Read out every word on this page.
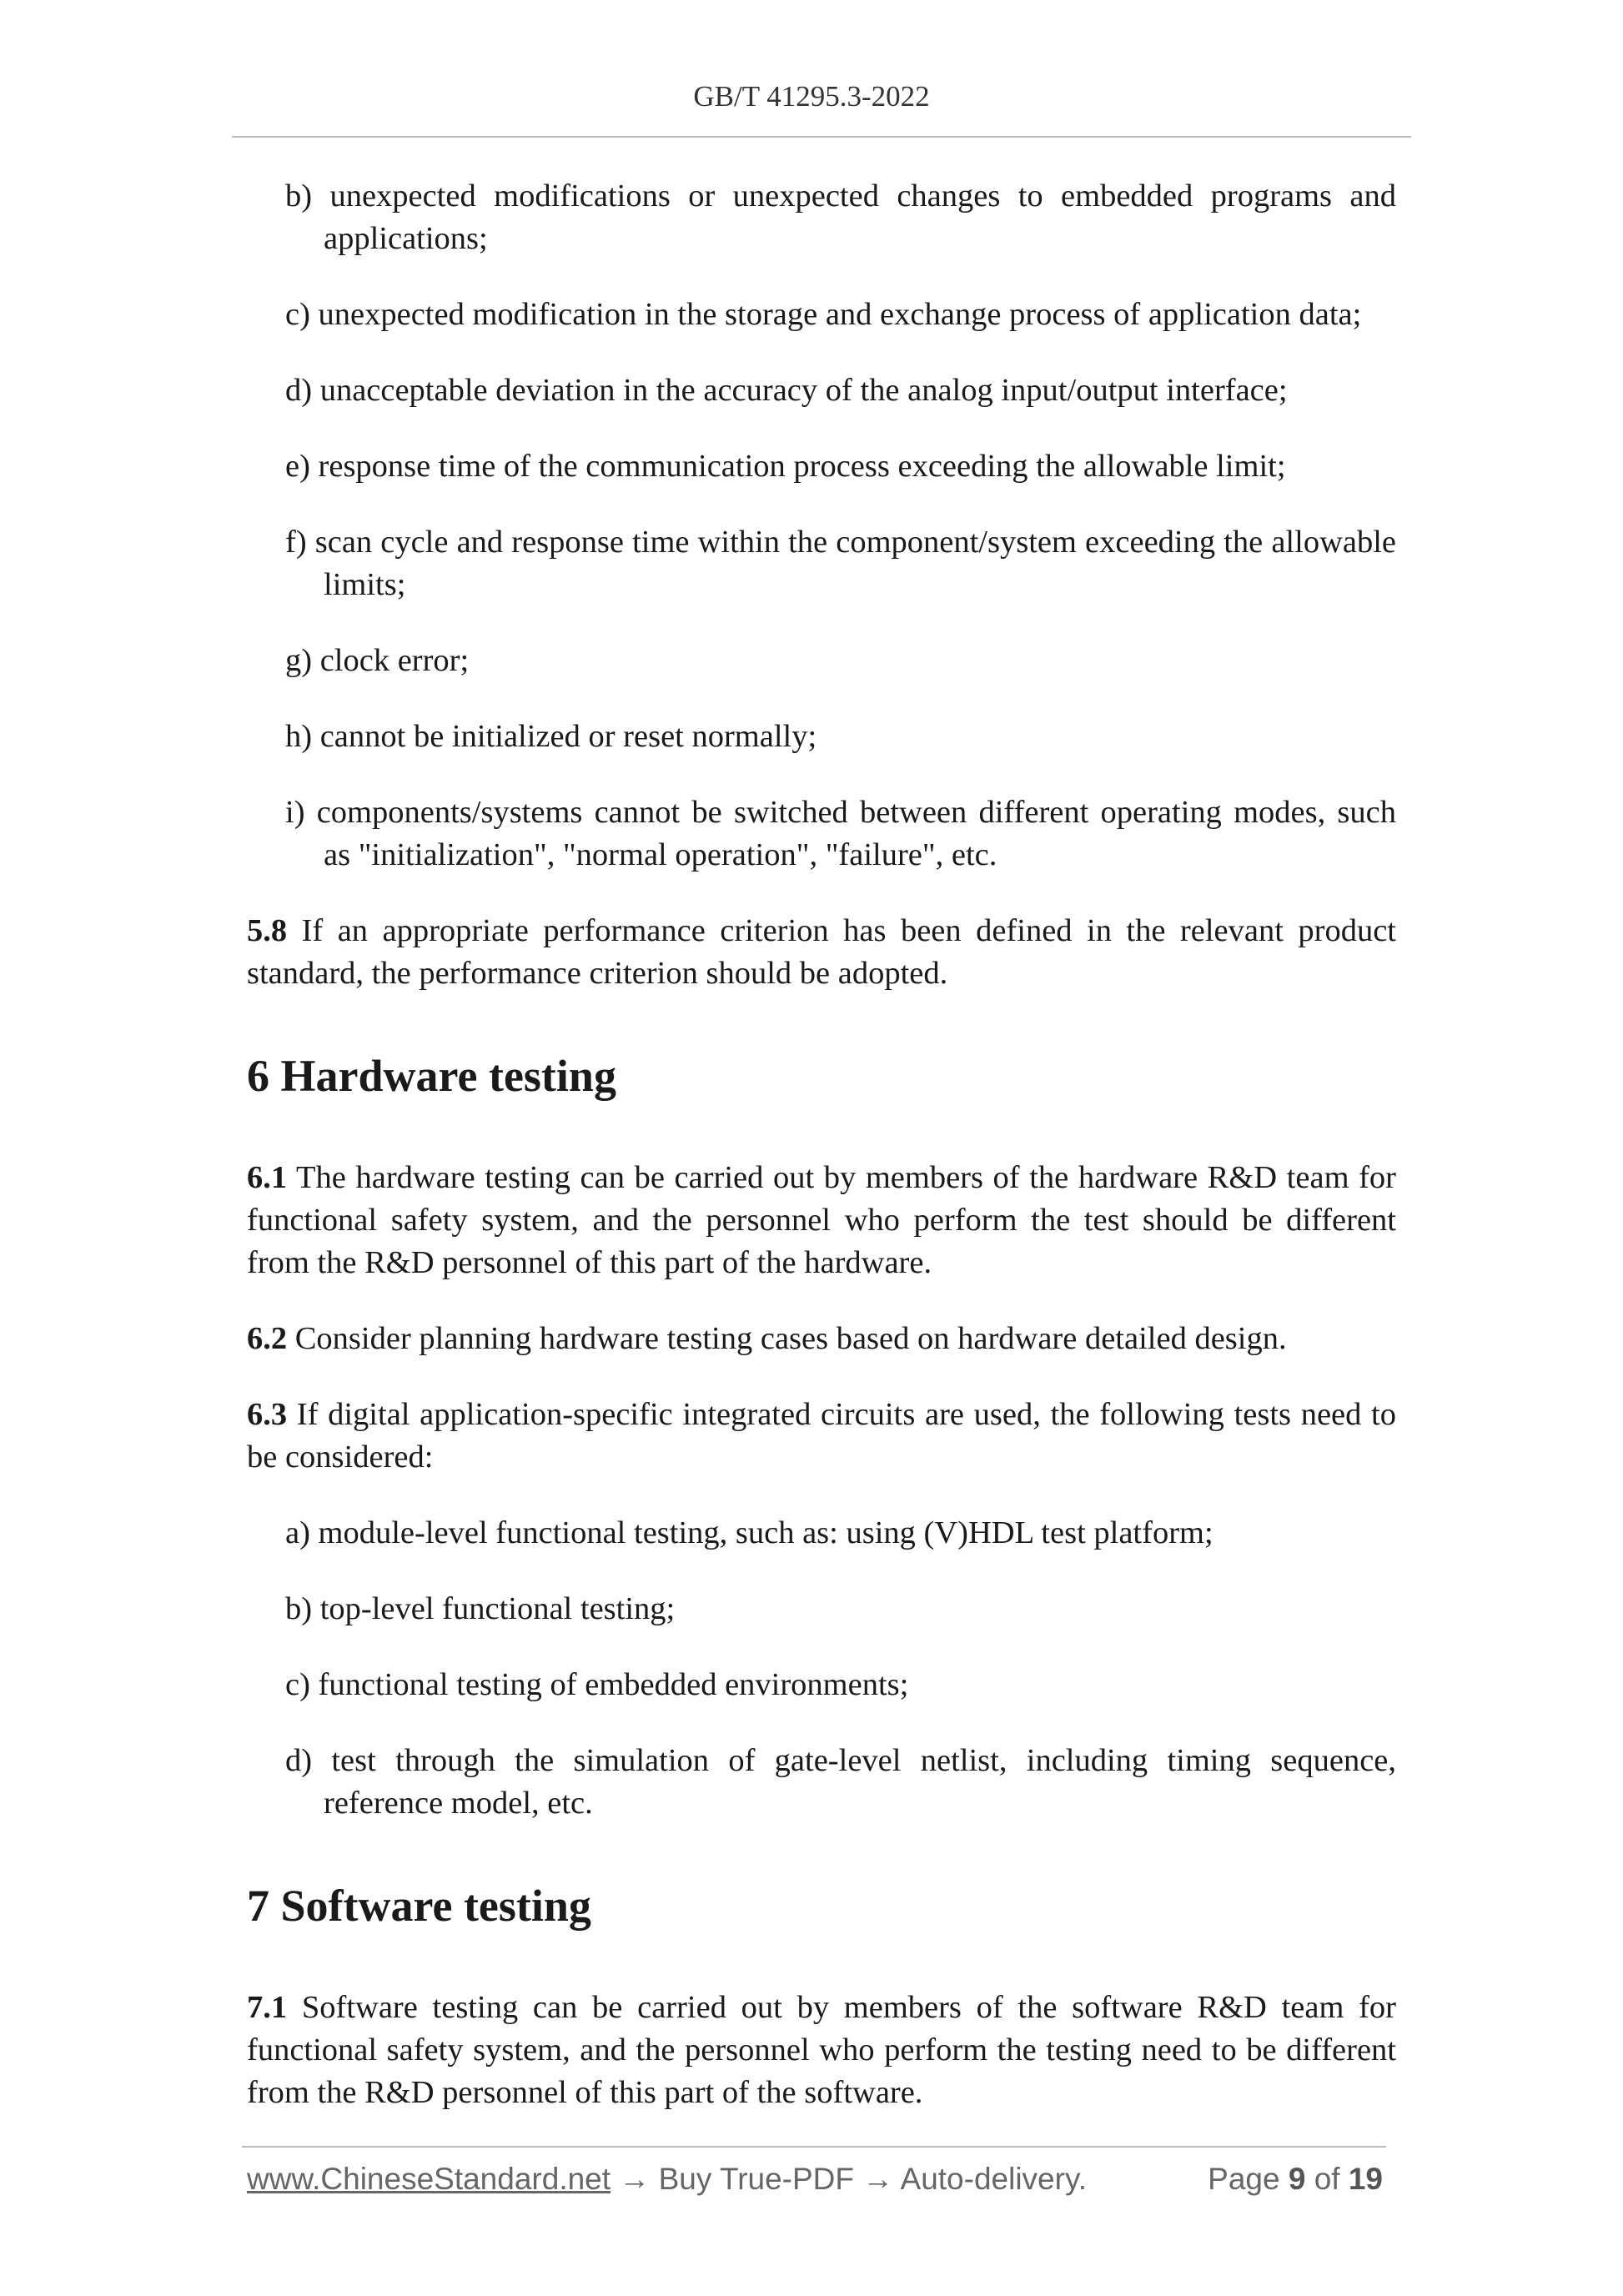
GB/T 41295.3-2022
b) unexpected modifications or unexpected changes to embedded programs and applications;
c) unexpected modification in the storage and exchange process of application data;
d) unacceptable deviation in the accuracy of the analog input/output interface;
e) response time of the communication process exceeding the allowable limit;
f) scan cycle and response time within the component/system exceeding the allowable limits;
g) clock error;
h) cannot be initialized or reset normally;
i) components/systems cannot be switched between different operating modes, such as "initialization", "normal operation", "failure", etc.

5.8 If an appropriate performance criterion has been defined in the relevant product standard, the performance criterion should be adopted.

6 Hardware testing

6.1 The hardware testing can be carried out by members of the hardware R&D team for functional safety system, and the personnel who perform the test should be different from the R&D personnel of this part of the hardware.

6.2 Consider planning hardware testing cases based on hardware detailed design.

6.3 If digital application-specific integrated circuits are used, the following tests need to be considered:

a) module-level functional testing, such as: using (V)HDL test platform;
b) top-level functional testing;
c) functional testing of embedded environments;
d) test through the simulation of gate-level netlist, including timing sequence, reference model, etc.
7 Software testing

7.1 Software testing can be carried out by members of the software R&D team for functional safety system, and the personnel who perform the testing need to be different from the R&D personnel of this part of the software.

www.ChineseStandard.net → Buy True-PDF → Auto-delivery.	Page 9 of 19
